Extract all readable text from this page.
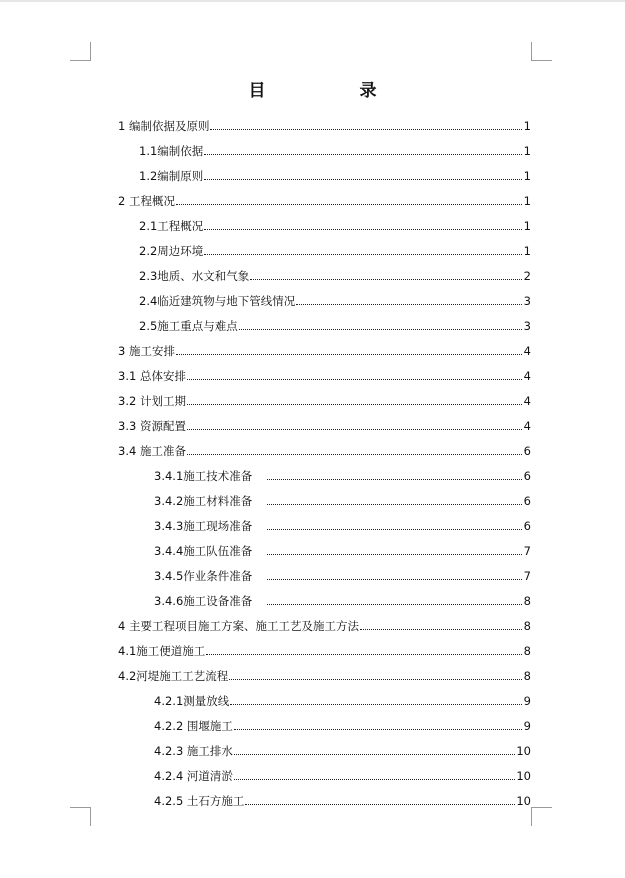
目 录
1 编制依据及原则	1
1.1编制依据	1
1.2编制原则	1
2 工程概况	1
2.1工程概况	1
2.2周边环境	1
2.3地质、水文和气象	2
2.4临近建筑物与地下管线情况	3
2.5施工重点与难点	3
3 施工安排	4
3.1 总体安排	4
3.2 计划工期	4
3.3 资源配置	4
3.4 施工准备	6
3.4.1施工技术准备	6
3.4.2施工材料准备	6
3.4.3施工现场准备	6
3.4.4施工队伍准备	7
3.4.5作业条件准备	7
3.4.6施工设备准备	8
4 主要工程项目施工方案、施工工艺及施工方法	8
4.1施工便道施工	8
4.2河堤施工工艺流程	8
4.2.1测量放线	9
4.2.2 围堰施工	9
4.2.3 施工排水	10
4.2.4 河道清淤	10
4.2.5 土石方施工	10
